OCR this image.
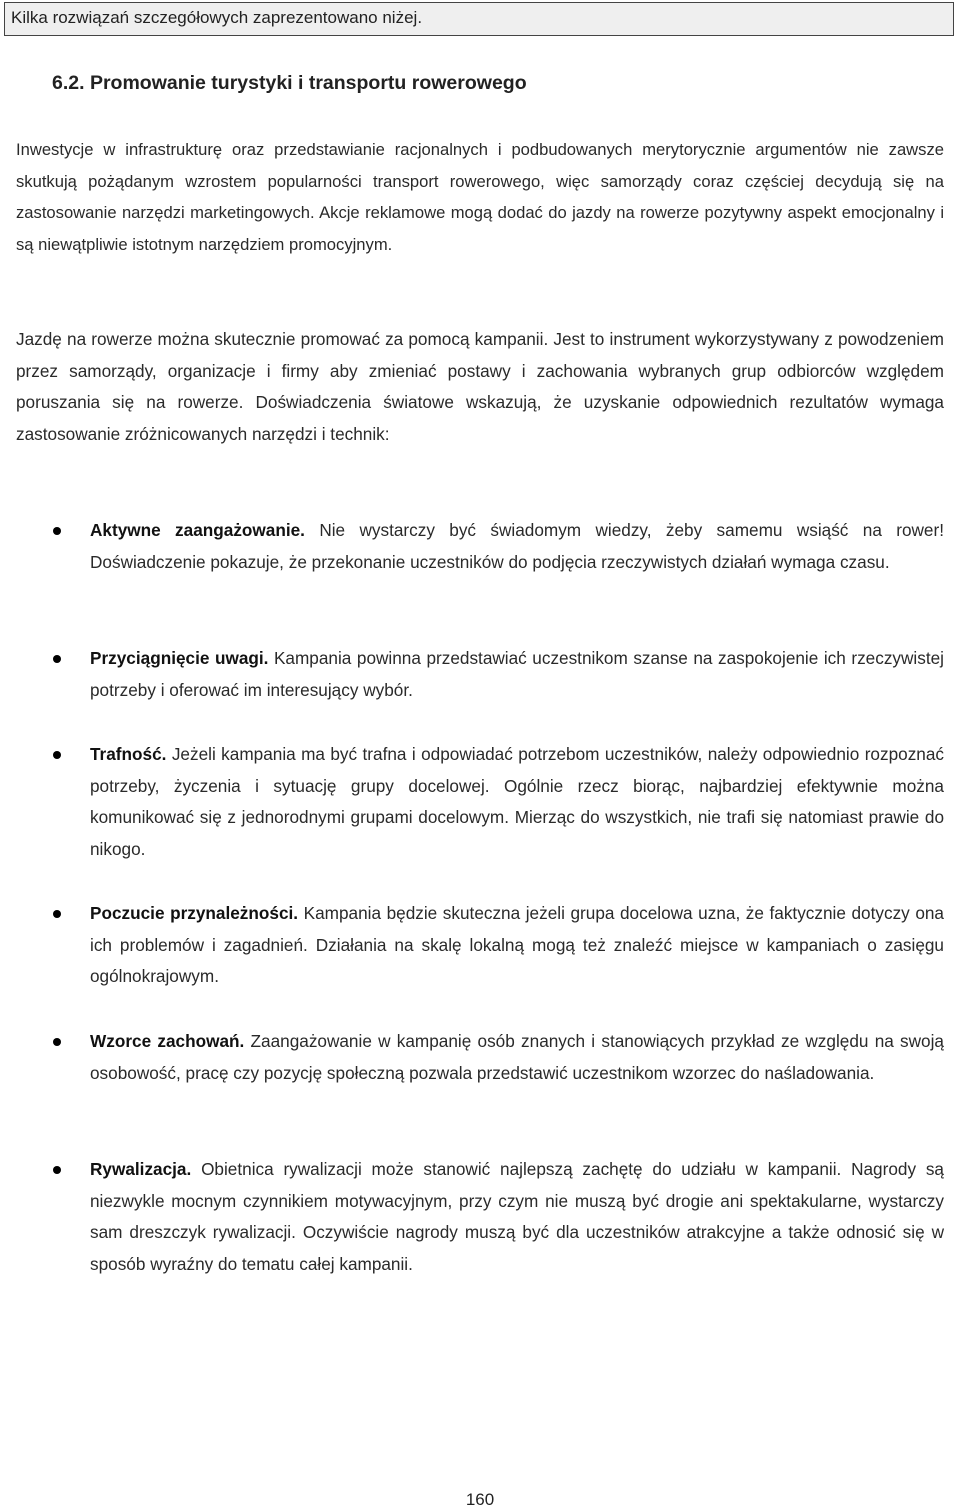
Kilka rozwiązań szczegółowych zaprezentowano niżej.
6.2. Promowanie turystyki i transportu rowerowego

Inwestycje w infrastrukturę oraz przedstawianie racjonalnych i podbudowanych merytorycznie argumentów nie zawsze skutkują pożądanym wzrostem popularności transport rowerowego, więc samorządy coraz częściej decydują się na zastosowanie narzędzi marketingowych. Akcje reklamowe mogą dodać do jazdy na rowerze pozytywny aspekt emocjonalny i są niewątpliwie istotnym narzędziem promocyjnym.

Jazdę na rowerze można skutecznie promować za pomocą kampanii. Jest to instrument wykorzystywany z powodzeniem przez samorządy, organizacje i firmy aby zmieniać postawy i zachowania wybranych grup odbiorców względem poruszania się na rowerze. Doświadczenia światowe wskazują, że uzyskanie odpowiednich rezultatów wymaga zastosowanie zróżnicowanych narzędzi i technik:

Aktywne zaangażowanie. Nie wystarczy być świadomym wiedzy, żeby samemu wsiąść na rower! Doświadczenie pokazuje, że przekonanie uczestników do podjęcia rzeczywistych działań wymaga czasu.
Przyciągnięcie uwagi. Kampania powinna przedstawiać uczestnikom szanse na zaspokojenie ich rzeczywistej potrzeby i oferować im interesujący wybór.
Trafność. Jeżeli kampania ma być trafna i odpowiadać potrzebom uczestników, należy odpowiednio rozpoznać potrzeby, życzenia i sytuację grupy docelowej. Ogólnie rzecz biorąc, najbardziej efektywnie można komunikować się z jednorodnymi grupami docelowym. Mierząc do wszystkich, nie trafi się natomiast prawie do nikogo.
Poczucie przynależności. Kampania będzie skuteczna jeżeli grupa docelowa uzna, że faktycznie dotyczy ona ich problemów i zagadnień. Działania na skalę lokalną mogą też znaleźć miejsce w kampaniach o zasięgu ogólnokrajowym.
Wzorce zachowań. Zaangażowanie w kampanię osób znanych i stanowiących przykład ze względu na swoją osobowość, pracę czy pozycję społeczną pozwala przedstawić uczestnikom wzorzec do naśladowania.
Rywalizacja. Obietnica rywalizacji może stanowić najlepszą zachętę do udziału w kampanii. Nagrody są niezwykle mocnym czynnikiem motywacyjnym, przy czym nie muszą być drogie ani spektakularne, wystarczy sam dreszczyk rywalizacji. Oczywiście nagrody muszą być dla uczestników atrakcyjne a także odnosić się w sposób wyraźny do tematu całej kampanii.
160
